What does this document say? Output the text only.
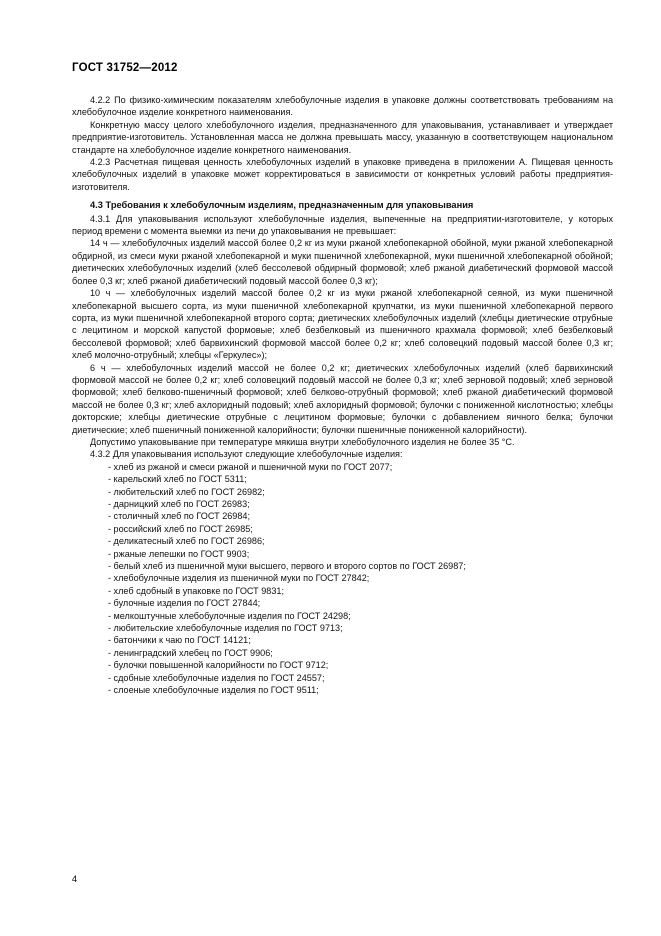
ГОСТ 31752—2012

4.2.2 По физико-химическим показателям хлебобулочные изделия в упаковке должны соответствовать требованиям на хлебобулочное изделие конкретного наименования.

Конкретную массу целого хлебобулочного изделия, предназначенного для упаковывания, устанавливает и утверждает предприятие-изготовитель. Установленная масса не должна превышать массу, указанную в соответствующем национальном стандарте на хлебобулочное изделие конкретного наименования.

4.2.3 Расчетная пищевая ценность хлебобулочных изделий в упаковке приведена в приложении А. Пищевая ценность хлебобулочных изделий в упаковке может корректироваться в зависимости от конкретных условий работы предприятия-изготовителя.

4.3 Требования к хлебобулочным изделиям, предназначенным для упаковывания

4.3.1 Для упаковывания используют хлебобулочные изделия, выпеченные на предприятии-изготовителе, у которых период времени с момента выемки из печи до упаковывания не превышает:

14 ч — хлебобулочных изделий массой более 0,2 кг из муки ржаной хлебопекарной обойной, муки ржаной хлебопекарной обдирной, из смеси муки ржаной хлебопекарной и муки пшеничной хлебопекарной, муки пшеничной хлебопекарной обойной; диетических хлебобулочных изделий (хлеб бессолевой обдирный формовой; хлеб ржаной диабетический формовой массой более 0,3 кг; хлеб ржаной диабетический подовый массой более 0,3 кг);

10 ч — хлебобулочных изделий массой более 0,2 кг из муки ржаной хлебопекарной сеяной, из муки пшеничной хлебопекарной высшего сорта, из муки пшеничной хлебопекарной крупчатки, из муки пшеничной хлебопекарной первого сорта, из муки пшеничной хлебопекарной второго сорта; диетических хлебобулочных изделий (хлебцы диетические отрубные с лецитином и морской капустой формовые; хлеб безбелковый из пшеничного крахмала формовой; хлеб безбелковый бессолевой формовой; хлеб барвихинский формовой массой более 0,2 кг; хлеб соловецкий подовый массой более 0,3 кг; хлеб молочно-отрубный; хлебцы «Геркулес»);

6 ч — хлебобулочных изделий массой не более 0,2 кг; диетических хлебобулочных изделий (хлеб барвихинский формовой массой не более 0,2 кг; хлеб соловецкий подовый массой не более 0,3 кг; хлеб зерновой подовый; хлеб зерновой формовой; хлеб белково-пшеничный формовой; хлеб белково-отрубный формовой; хлеб ржаной диабетический формовой массой не более 0,3 кг; хлеб ахлоридный подовый; хлеб ахлоридный формовой; булочки с пониженной кислотностью; хлебцы докторские; хлебцы диетические отрубные с лецитином формовые; булочки с добавлением яичного белка; булочки диетические; хлеб пшеничный пониженной калорийности; булочки пшеничные пониженной калорийности).

Допустимо упаковывание при температуре мякиша внутри хлебобулочного изделия не более 35 °С.

4.3.2 Для упаковывания используют следующие хлебобулочные изделия:

- хлеб из ржаной и смеси ржаной и пшеничной муки по ГОСТ 2077;
- карельский хлеб по ГОСТ 5311;
- любительский хлеб по ГОСТ 26982;
- дарницкий хлеб по ГОСТ 26983;
- столичный хлеб по ГОСТ 26984;
- российский хлеб по ГОСТ 26985;
- деликатесный хлеб по ГОСТ 26986;
- ржаные лепешки по ГОСТ 9903;
- белый хлеб из пшеничной муки высшего, первого и второго сортов по ГОСТ 26987;
- хлебобулочные изделия из пшеничной муки по ГОСТ 27842;
- хлеб сдобный в упаковке по ГОСТ 9831;
- булочные изделия по ГОСТ 27844;
- мелкоштучные хлебобулочные изделия по ГОСТ 24298;
- любительские хлебобулочные изделия по ГОСТ 9713;
- батончики к чаю по ГОСТ 14121;
- ленинградский хлебец по ГОСТ 9906;
- булочки повышенной калорийности по ГОСТ 9712;
- сдобные хлебобулочные изделия по ГОСТ 24557;
- слоеные хлебобулочные изделия по ГОСТ 9511;
4
